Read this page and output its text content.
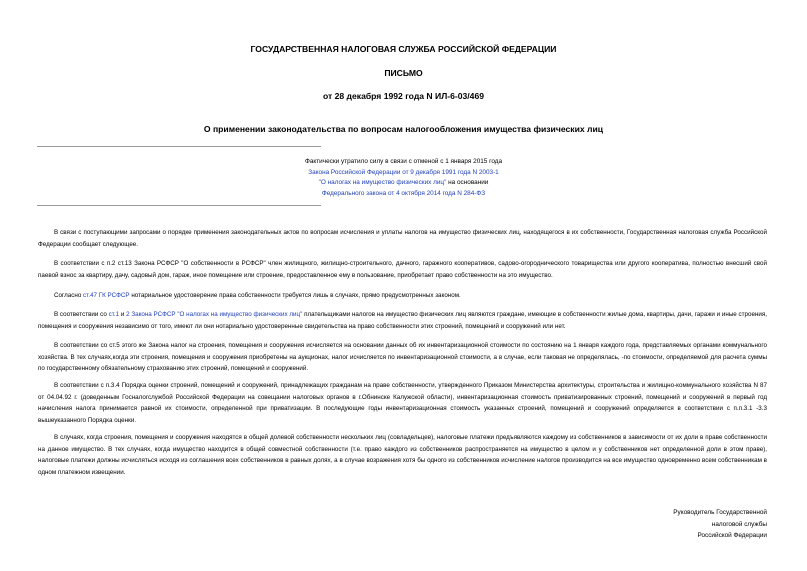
ГОСУДАРСТВЕННАЯ НАЛОГОВАЯ СЛУЖБА РОССИЙСКОЙ ФЕДЕРАЦИИ
ПИСЬМО
от 28 декабря 1992 года N ИЛ-6-03/469
О применении законодательства по вопросам налогообложения имущества физических лиц
Фактически утратило силу в связи с отменой с 1 января 2015 года
Закона Российской Федерации от 9 декабря 1991 года N 2003-1
"О налогах на имущество физических лиц" на основании
Федерального закона от 4 октября 2014 года N 284-ФЗ
В связи с поступающими запросами о порядке применения законодательных актов по вопросам исчисления и уплаты налогов на имущество физических лиц, находящегося в их собственности, Государственная налоговая служба Российской Федерации сообщает следующее.
В соответствии с п.2 ст.13 Закона РСФСР "О собственности в РСФСР" член жилищного, жилищно-строительного, дачного, гаражного кооперативов, садово-огороднического товарищества или другого кооператива, полностью внесший свой паевой взнос за квартиру, дачу, садовый дом, гараж, иное помещение или строение, предоставленное ему в пользование, приобретает право собственности на это имущество.
Согласно ст.47 ГК РСФСР нотариальное удостоверение права собственности требуется лишь в случаях, прямо предусмотренных законом.
В соответствии со ст.1 и 2 Закона РСФСР "О налогах на имущество физических лиц" плательщиками налогов на имущество физических лиц являются граждане, имеющие в собственности жилые дома, квартиры, дачи, гаражи и иные строения, помещения и сооружения независимо от того, имеют ли они нотариально удостоверенные свидетельства на право собственности этих строений, помещений и сооружений или нет.
В соответствии со ст.5 этого же Закона налог на строения, помещения и сооружения исчисляется на основании данных об их инвентаризационной стоимости по состоянию на 1 января каждого года, представляемых органами коммунального хозяйства. В тех случаях,когда эти строения, помещения и сооружения приобретены на аукционах, налог исчисляется по инвентаризационной стоимости, а в случае, если таковая не определялась, -по стоимости, определяемой для расчета суммы по государственному обязательному страхованию этих строений, помещений и сооружений.
В соответствии с п.3.4 Порядка оценки строений, помещений и сооружений, принадлежащих гражданам на праве собственности, утвержденного Приказом Министерства архитектуры, строительства и жилищно-коммунального хозяйства N 87 от 04.04.92 г. (доведенным Госналогслужбой Российской Федерации на совещании налоговых органов в г.Обнинске Калужской области), инвентаризационная стоимость приватизированных строений, помещений и сооружений в первый год начисления налога принимается равной их стоимости, определенной при приватизации. В последующие годы инвентаризационная стоимость указанных строений, помещений и сооружений определяется в соответствии с п.п.3.1 -3.3 вышеуказанного Порядка оценки.
В случаях, когда строения, помещения и сооружения находятся в общей долевой собственности нескольких лиц (совладельцев), налоговые платежи предъявляются каждому из собственников в зависимости от их доли в праве собственности на данное имущество. В тех случаях, когда имущество находится в общей совместной собственности (т.е. право каждого из собственников распространяется на имущество в целом и у собственников нет определенной доли в этом праве), налоговые платежи должны исчисляться исходя из соглашения всех собственников в равных долях, а в случае возражения хотя бы одного из собственников исчисление налогов производится на все имущество одновременно всем собственникам в одном платежном извещении.
Руководитель Государственной
налоговой службы
Российской Федерации
